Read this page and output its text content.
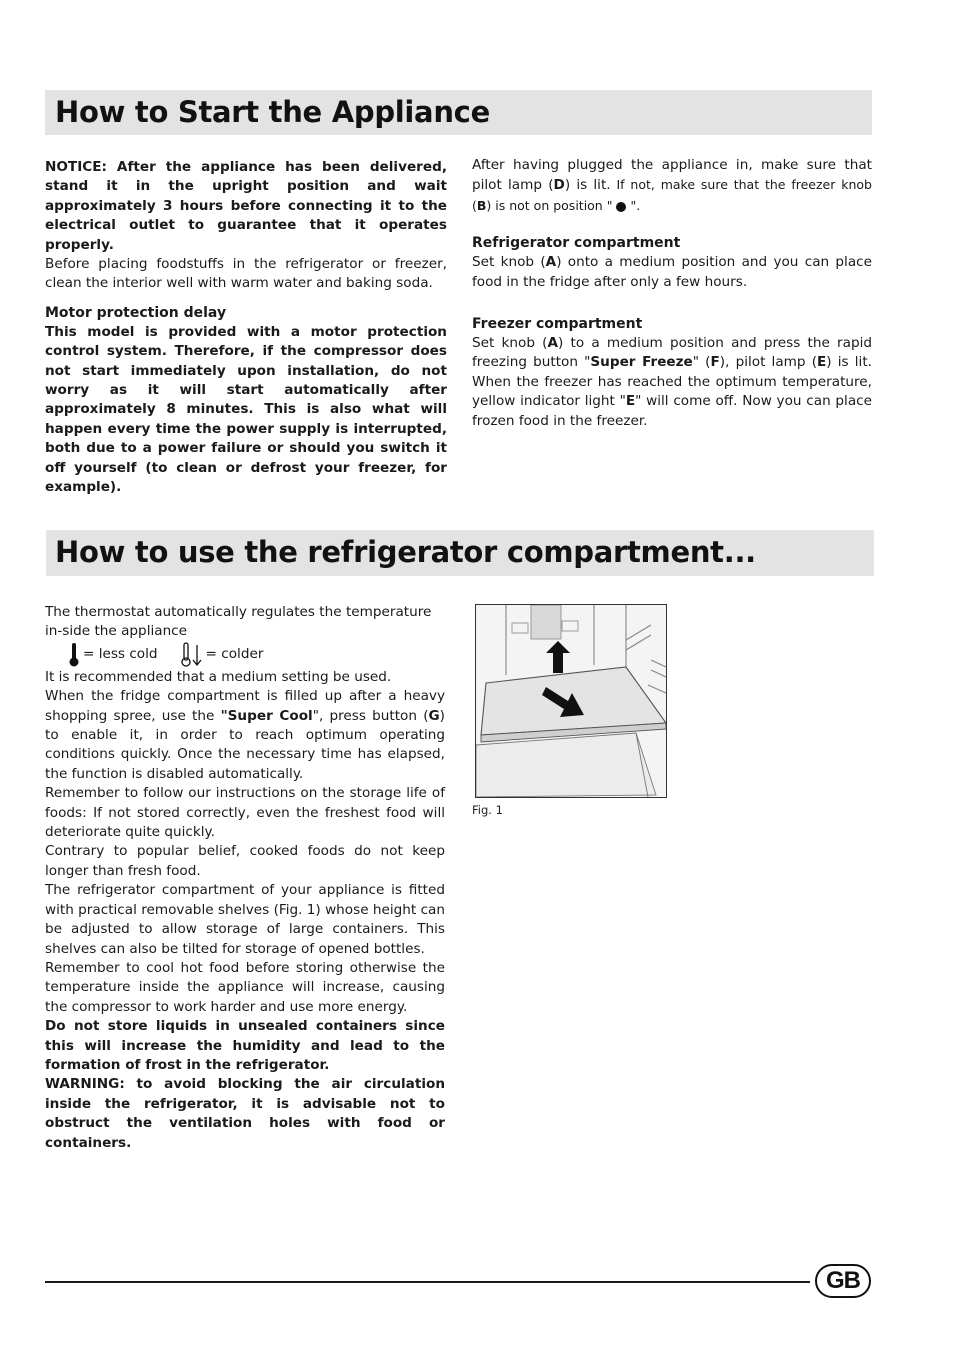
How to Start the Appliance

NOTICE: After the appliance has been delivered, stand it in the upright position and wait approximately 3 hours before connecting it to the electrical outlet to guarantee that it operates properly.

Before placing foodstuffs in the refrigerator or freezer, clean the interior well with warm water and baking soda.

Motor protection delay

This model is provided with a motor protection control system. Therefore, if the compressor does not start immediately upon installation, do not worry as it will start automatically after approximately 8 minutes. This is also what will happen every time the power supply is interrupted, both due to a power failure or should you switch it off yourself (to clean or defrost your freezer, for example).

After having plugged the appliance in, make sure that pilot lamp (D) is lit. If not, make sure that the freezer knob (B) is not on position " ".

Refrigerator compartment

Set knob (A) onto a medium position and you can place food in the fridge after only a few hours.

Freezer compartment

Set knob (A) to a medium position and press the rapid freezing button "Super Freeze" (F), pilot lamp (E) is lit. When the freezer has reached the optimum temperature, yellow indicator light "E" will come off. Now you can place frozen food in the freezer.

How to use the refrigerator compartment...

The thermostat automatically regulates the temperature in-side the appliance

= less cold	= colder

It is recommended that a medium setting be used.

When the fridge compartment is filled up after a heavy shopping spree, use the "Super Cool", press button (G) to enable it, in order to reach optimum operating conditions quickly. Once the necessary time has elapsed, the function is disabled automatically.

Remember to follow our instructions on the storage life of foods: If not stored correctly, even the freshest food will deteriorate quite quickly.

Contrary to popular belief, cooked foods do not keep longer than fresh food.

The refrigerator compartment of your appliance is fitted with practical removable shelves (Fig. 1) whose height can be adjusted to allow storage of large containers. This shelves can also be tilted for storage of opened bottles.

Remember to cool hot food before storing otherwise the temperature inside the appliance will increase, causing the compressor to work harder and use more energy.

Do not store liquids in unsealed containers since this will increase the humidity and lead to the formation of frost in the refrigerator.

WARNING: to avoid blocking the air circulation inside the refrigerator, it is advisable not to obstruct the ventilation holes with food or containers.

Fig. 1
GB
